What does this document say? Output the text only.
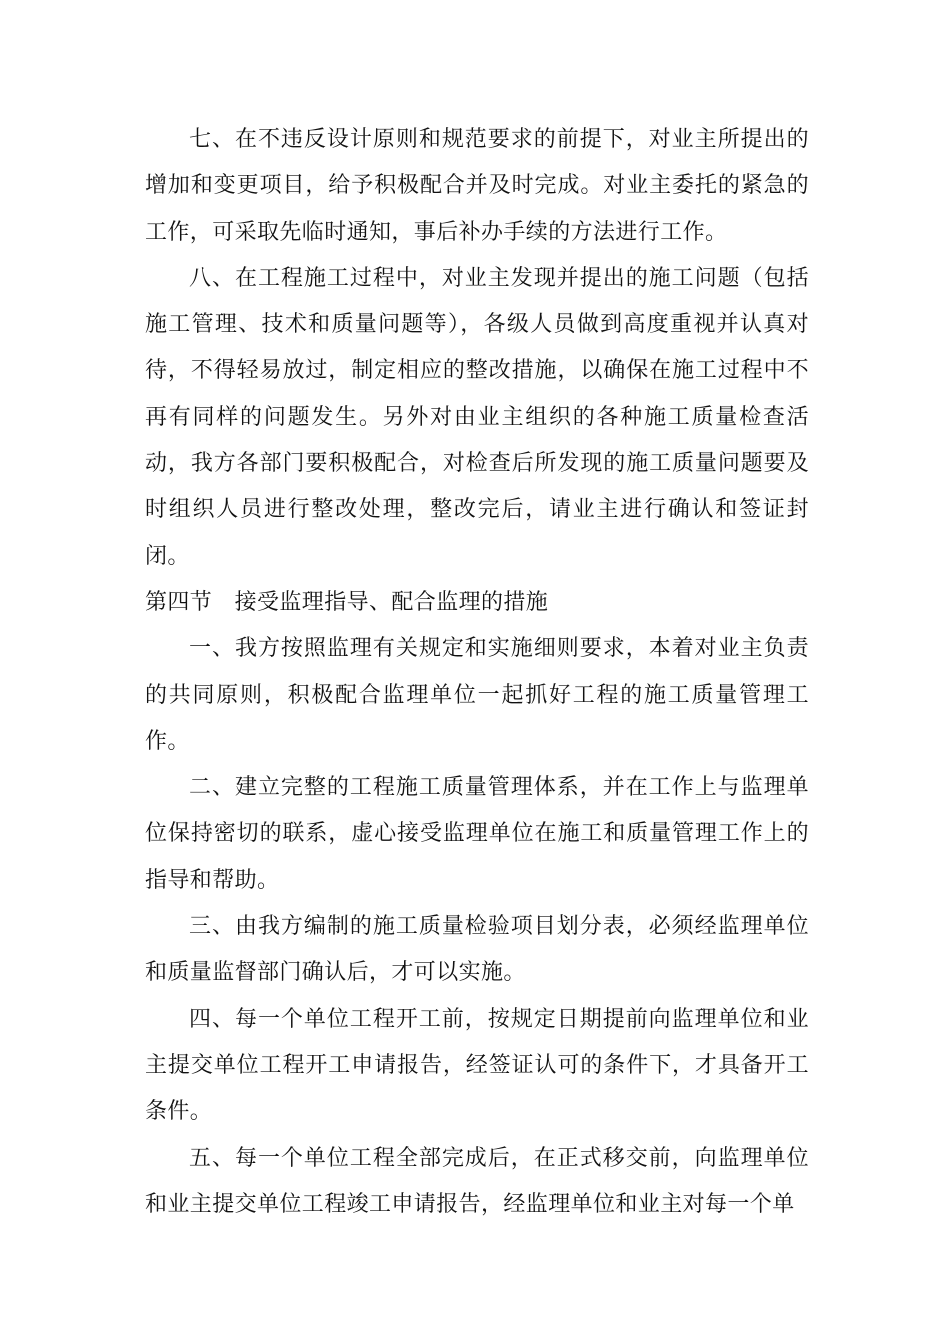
七、在不违反设计原则和规范要求的前提下，对业主所提出的增加和变更项目，给予积极配合并及时完成。对业主委托的紧急的工作，可采取先临时通知，事后补办手续的方法进行工作。

八、在工程施工过程中，对业主发现并提出的施工问题（包括施工管理、技术和质量问题等），各级人员做到高度重视并认真对待，不得轻易放过，制定相应的整改措施，以确保在施工过程中不再有同样的问题发生。另外对由业主组织的各种施工质量检查活动，我方各部门要积极配合，对检查后所发现的施工质量问题要及时组织人员进行整改处理，整改完后，请业主进行确认和签证封闭。

第四节　接受监理指导、配合监理的措施

一、我方按照监理有关规定和实施细则要求，本着对业主负责的共同原则，积极配合监理单位一起抓好工程的施工质量管理工作。

二、建立完整的工程施工质量管理体系，并在工作上与监理单位保持密切的联系，虚心接受监理单位在施工和质量管理工作上的指导和帮助。

三、由我方编制的施工质量检验项目划分表，必须经监理单位和质量监督部门确认后，才可以实施。

四、每一个单位工程开工前，按规定日期提前向监理单位和业主提交单位工程开工申请报告，经签证认可的条件下，才具备开工条件。

五、每一个单位工程全部完成后，在正式移交前，向监理单位和业主提交单位工程竣工申请报告，经监理单位和业主对每一个单
